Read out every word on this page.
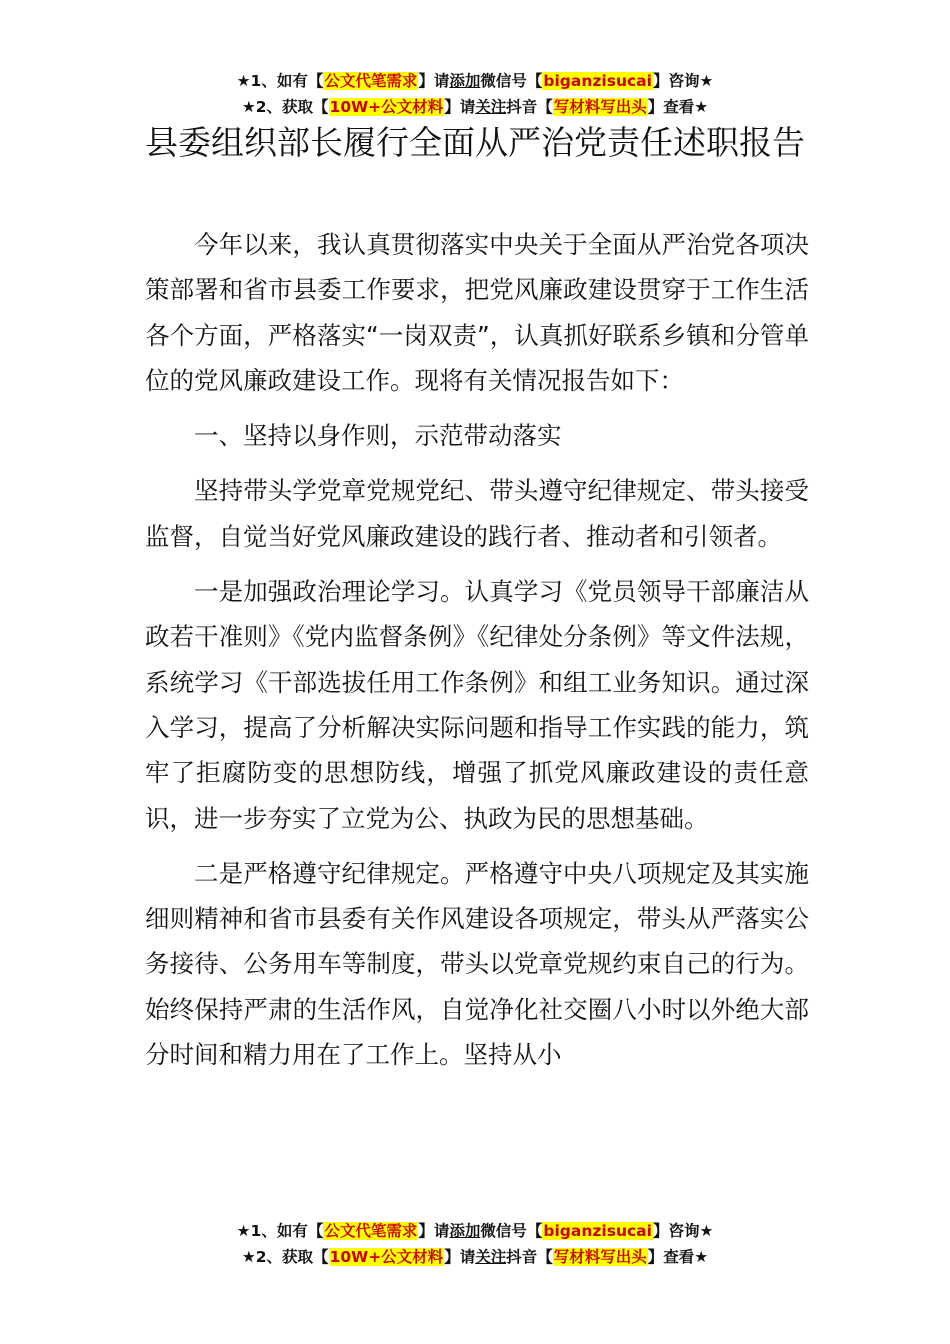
★1、如有【公文代笔需求】请添加微信号【biganzisucai】咨询★
★2、获取【10W+公文材料】请关注抖音【写材料写出头】查看★
县委组织部长履行全面从严治党责任述职报告

今年以来，我认真贯彻落实中央关于全面从严治党各项决策部署和省市县委工作要求，把党风廉政建设贯穿于工作生活各个方面，严格落实“一岗双责”，认真抓好联系乡镇和分管单位的党风廉政建设工作。现将有关情况报告如下：

一、坚持以身作则，示范带动落实

坚持带头学党章党规党纪、带头遵守纪律规定、带头接受监督，自觉当好党风廉政建设的践行者、推动者和引领者。

一是加强政治理论学习。认真学习《党员领导干部廉洁从政若干准则》《党内监督条例》《纪律处分条例》等文件法规，系统学习《干部选拔任用工作条例》和组工业务知识。通过深入学习，提高了分析解决实际问题和指导工作实践的能力，筑牢了拒腐防变的思想防线，增强了抓党风廉政建设的责任意识，进一步夯实了立党为公、执政为民的思想基础。

二是严格遵守纪律规定。严格遵守中央八项规定及其实施细则精神和省市县委有关作风建设各项规定，带头从严落实公务接待、公务用车等制度，带头以党章党规约束自己的行为。始终保持严肃的生活作风，自觉净化社交圈八小时以外绝大部分时间和精力用在了工作上。坚持从小

★1、如有【公文代笔需求】请添加微信号【biganzisucai】咨询★
★2、获取【10W+公文材料】请关注抖音【写材料写出头】查看★
